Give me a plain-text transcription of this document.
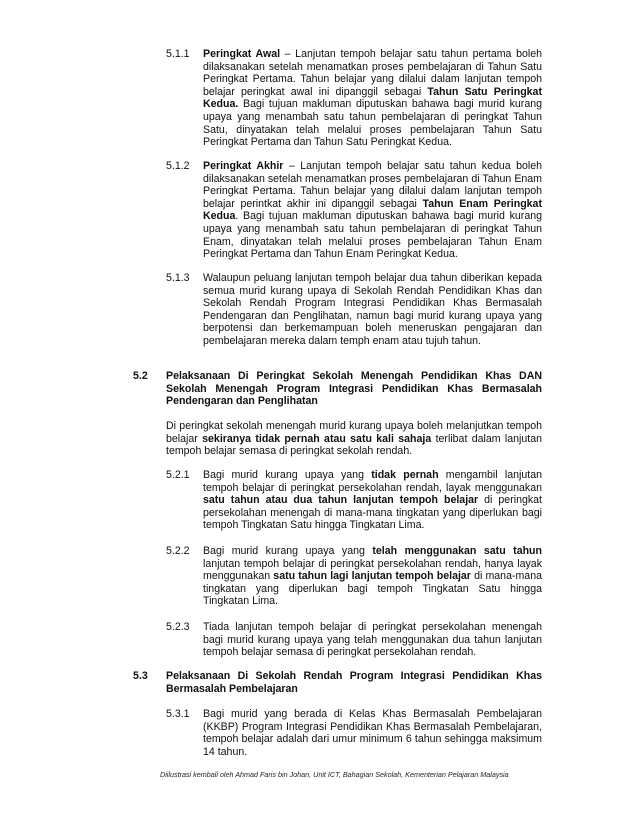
5.1.1 Peringkat Awal – Lanjutan tempoh belajar satu tahun pertama boleh dilaksanakan setelah menamatkan proses pembelajaran di Tahun Satu Peringkat Pertama. Tahun belajar yang dilalui dalam lanjutan tempoh belajar peringkat awal ini dipanggil sebagai Tahun Satu Peringkat Kedua. Bagi tujuan makluman diputuskan bahawa bagi murid kurang upaya yang menambah satu tahun pembelajaran di peringkat Tahun Satu, dinyatakan telah melalui proses pembelajaran Tahun Satu Peringkat Pertama dan Tahun Satu Peringkat Kedua.
5.1.2 Peringkat Akhir – Lanjutan tempoh belajar satu tahun kedua boleh dilaksanakan setelah menamatkan proses pembelajaran di Tahun Enam Peringkat Pertama. Tahun belajar yang dilalui dalam lanjutan tempoh belajar perintkat akhir ini dipanggil sebagai Tahun Enam Peringkat Kedua. Bagi tujuan makluman diputuskan bahawa bagi murid kurang upaya yang menambah satu tahun pembelajaran di peringkat Tahun Enam, dinyatakan telah melalui proses pembelajaran Tahun Enam Peringkat Pertama dan Tahun Enam Peringkat Kedua.
5.1.3 Walaupun peluang lanjutan tempoh belajar dua tahun diberikan kepada semua murid kurang upaya di Sekolah Rendah Pendidikan Khas dan Sekolah Rendah Program Integrasi Pendidikan Khas Bermasalah Pendengaran dan Penglihatan, namun bagi murid kurang upaya yang berpotensi dan berkemampuan boleh meneruskan pengajaran dan pembelajaran mereka dalam temph enam atau tujuh tahun.
5.2 Pelaksanaan Di Peringkat Sekolah Menengah Pendidikan Khas DAN Sekolah Menengah Program Integrasi Pendidikan Khas Bermasalah Pendengaran dan Penglihatan
Di peringkat sekolah menengah murid kurang upaya boleh melanjutkan tempoh belajar sekiranya tidak pernah atau satu kali sahaja terlibat dalam lanjutan tempoh belajar semasa di peringkat sekolah rendah.
5.2.1 Bagi murid kurang upaya yang tidak pernah mengambil lanjutan tempoh belajar di peringkat persekolahan rendah, layak menggunakan satu tahun atau dua tahun lanjutan tempoh belajar di peringkat persekolahan menengah di mana-mana tingkatan yang diperlukan bagi tempoh Tingkatan Satu hingga Tingkatan Lima.
5.2.2 Bagi murid kurang upaya yang telah menggunakan satu tahun lanjutan tempoh belajar di peringkat persekolahan rendah, hanya layak menggunakan satu tahun lagi lanjutan tempoh belajar di mana-mana tingkatan yang diperlukan bagi tempoh Tingkatan Satu hingga Tingkatan Lima.
5.2.3 Tiada lanjutan tempoh belajar di peringkat persekolahan menengah bagi murid kurang upaya yang telah menggunakan dua tahun lanjutan tempoh belajar semasa di peringkat persekolahan rendah.
5.3 Pelaksanaan Di Sekolah Rendah Program Integrasi Pendidikan Khas Bermasalah Pembelajaran
5.3.1 Bagi murid yang berada di Kelas Khas Bermasalah Pembelajaran (KKBP) Program Integrasi Pendidikan Khas Bermasalah Pembelajaran, tempoh belajar adalah dari umur minimum 6 tahun sehingga maksimum 14 tahun.
Diilustrasi kembali oleh Ahmad Faris bin Johan, Unit ICT, Bahagian Sekolah, Kementerian Pelajaran Malaysia
